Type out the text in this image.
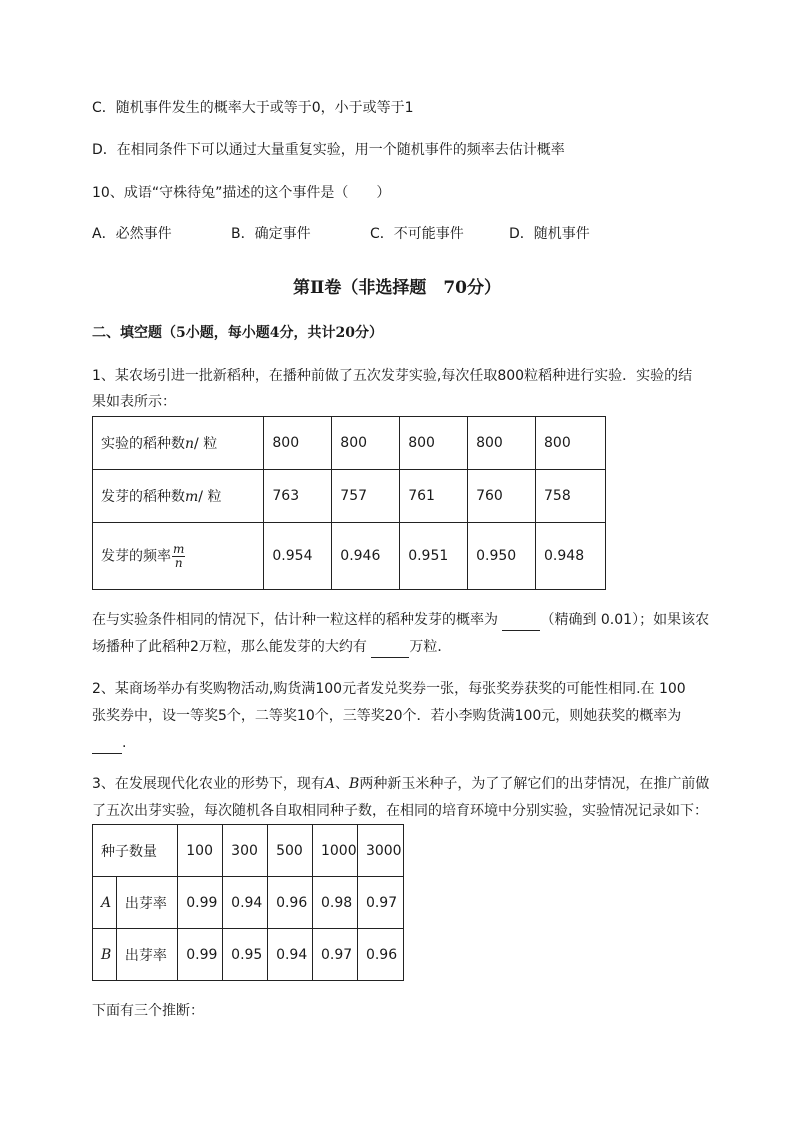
C．随机事件发生的概率大于或等于0，小于或等于1
D．在相同条件下可以通过大量重复实验，用一个随机事件的频率去估计概率
10、成语“守株待兔”描述的这个事件是（　　）
A．必然事件	B．确定事件	C．不可能事件	D．随机事件
第Ⅱ卷（非选择题　70分）
二、填空题（5小题，每小题4分，共计20分）
1、某农场引进一批新稻种，在播种前做了五次发芽实验,每次任取800粒稻种进行实验．实验的结
果如表所示：
实验的稻种数n/ 粒	800	800	800	800	800
发芽的稻种数m/ 粒	763	757	761	760	758
发芽的频率 $\frac{m}{n}$	0.954	0.946	0.951	0.950	0.948
在与实验条件相同的情况下，估计种一粒这样的稻种发芽的概率为	（精确到 0.01）；如果该农
场播种了此稻种2万粒，那么能发芽的大约有	万粒．
2、某商场举办有奖购物活动,购货满100元者发兑奖券一张，每张奖券获奖的可能性相同.在 100
张奖券中，设一等奖5个，二等奖10个，三等奖20个．若小李购货满100元，则她获奖的概率为
.
3、在发展现代化农业的形势下，现有A、B两种新玉米种子，为了了解它们的出芽情况，在推广前做
了五次出芽实验，每次随机各自取相同种子数，在相同的培育环境中分别实验，实验情况记录如下：
种子数量		100	300	500	1000	3000
A	出芽率	0.99	0.94	0.96	0.98	0.97
B	出芽率	0.99	0.95	0.94	0.97	0.96
下面有三个推断：
